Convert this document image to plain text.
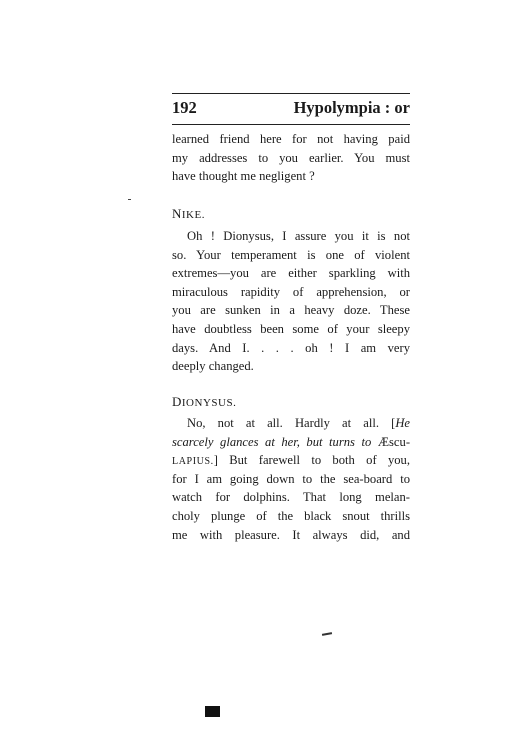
192	Hypolympia : or
learned friend here for not having paid
my addresses to you earlier. You must
have thought me negligent ?
NIKE.
Oh ! Dionysus, I assure you it is not
so. Your temperament is one of violent
extremes—you are either sparkling with
miraculous rapidity of apprehension, or
you are sunken in a heavy doze. These
have doubtless been some of your sleepy
days. And I. . . . oh ! I am very
deeply changed.
DIONYSUS.
No, not at all. Hardly at all. [He
scarcely glances at her, but turns to Æscu-
LAPIUS.] But farewell to both of you,
for I am going down to the sea-board to
watch for dolphins. That long melan-
choly plunge of the black snout thrills
me with pleasure. It always did, and
